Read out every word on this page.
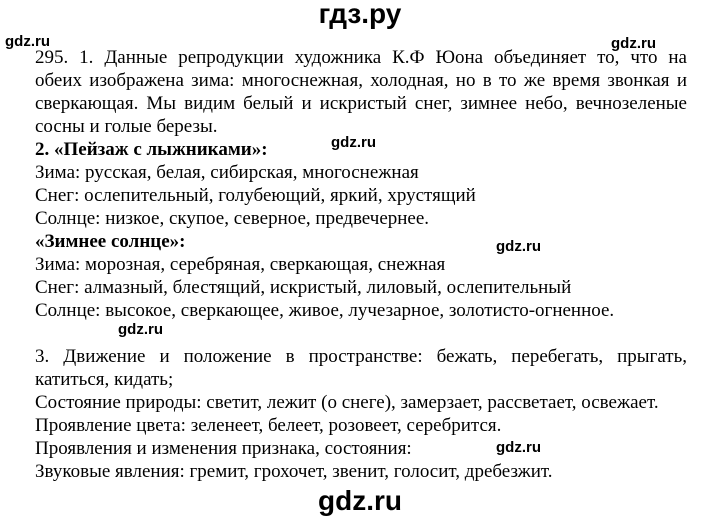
гдз.ру
gdz.ru	gdz.ru
gdz.ru
gdz.ru
gdz.ru
gdz.ru
295. 1. Данные репродукции художника К.Ф Юона объединяет то, что на
обеих изображена зима: многоснежная, холодная, но в то же время звонкая и
сверкающая. Мы видим белый и искристый снег, зимнее небо, вечнозеленые
сосны и голые березы.
2. «Пейзаж с лыжниками»:
Зима: русская, белая, сибирская, многоснежная
Снег: ослепительный, голубеющий, яркий, хрустящий
Солнце: низкое, скупое, северное, предвечернее.
«Зимнее солнце»:
Зима: морозная, серебряная, сверкающая, снежная
Снег: алмазный, блестящий, искристый, лиловый, ослепительный
Солнце: высокое, сверкающее, живое, лучезарное, золотисто-огненное.
3. Движение и положение в пространстве: бежать, перебегать, прыгать,
катиться, кидать;
Состояние природы: светит, лежит (о снеге), замерзает, рассветает, освежает.
Проявление цвета: зеленеет, белеет, розовеет, серебрится.
Проявления и изменения признака, состояния:
Звуковые явления: гремит, грохочет, звенит, голосит, дребезжит.
gdz.ru
